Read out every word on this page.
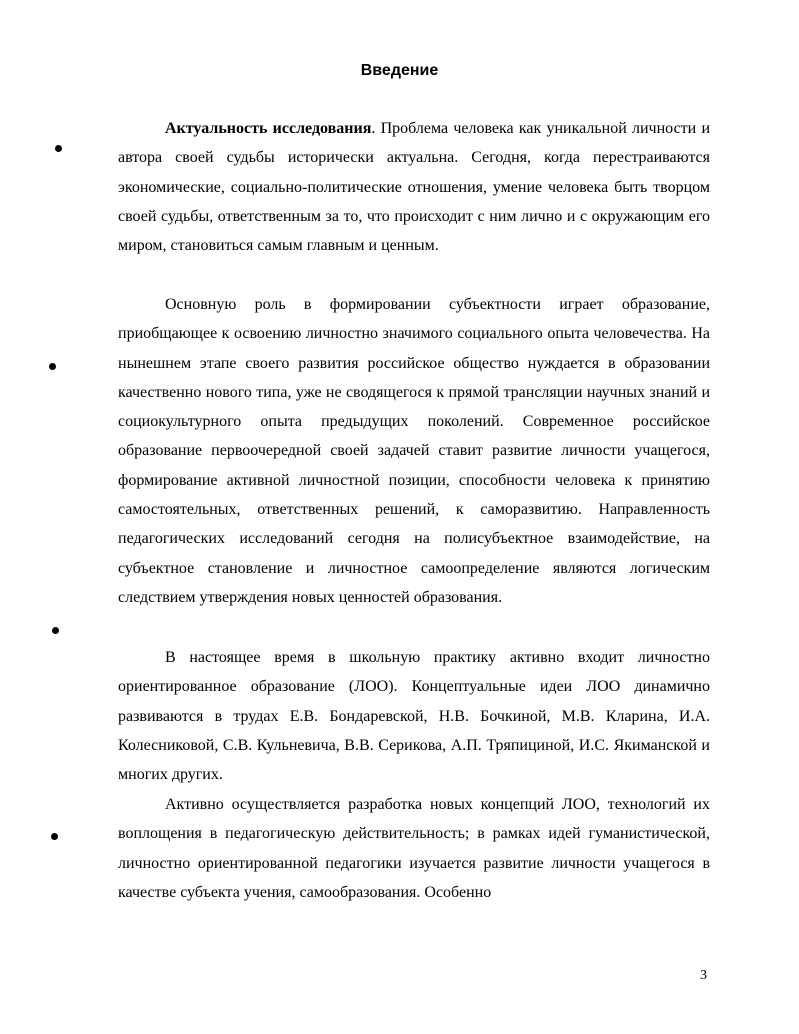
Введение

Актуальность исследования. Проблема человека как уникальной личности и автора своей судьбы исторически актуальна. Сегодня, когда перестраиваются экономические, социально-политические отношения, умение человека быть творцом своей судьбы, ответственным за то, что происходит с ним лично и с окружающим его миром, становиться самым главным и ценным.

Основную роль в формировании субъектности играет образование, приобщающее к освоению личностно значимого социального опыта человечества. На нынешнем этапе своего развития российское общество нуждается в образовании качественно нового типа, уже не сводящегося к прямой трансляции научных знаний и социокультурного опыта предыдущих поколений. Современное российское образование первоочередной своей задачей ставит развитие личности учащегося, формирование активной личностной позиции, способности человека к принятию самостоятельных, ответственных решений, к саморазвитию. Направленность педагогических исследований сегодня на полисубъектное взаимодействие, на субъектное становление и личностное самоопределение являются логическим следствием утверждения новых ценностей образования.

В настоящее время в школьную практику активно входит личностно ориентированное образование (ЛОО). Концептуальные идеи ЛОО динамично развиваются в трудах Е.В. Бондаревской, Н.В. Бочкиной, М.В. Кларина, И.А. Колесниковой, С.В. Кульневича, В.В. Серикова, А.П. Тряпициной, И.С. Якиманской и многих других.

Активно осуществляется разработка новых концепций ЛОО, технологий их воплощения в педагогическую действительность; в рамках идей гуманистической, личностно ориентированной педагогики изучается развитие личности учащегося в качестве субъекта учения, самообразования. Особенно

3
